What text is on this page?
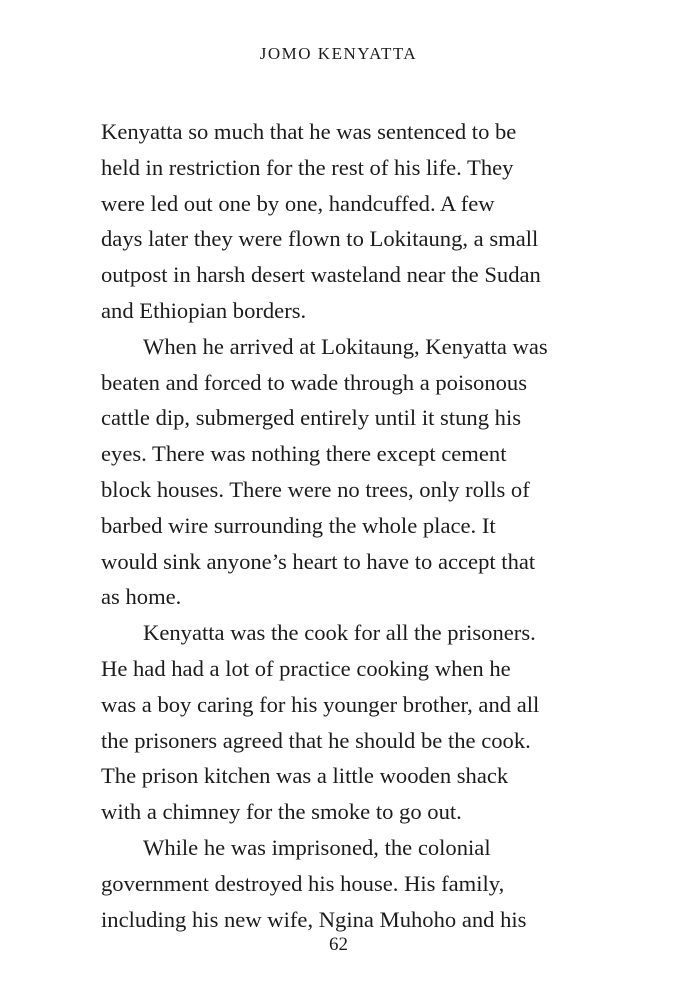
JOMO KENYATTA
Kenyatta so much that he was sentenced to be
held in restriction for the rest of his life. They
were led out one by one, handcuffed. A few
days later they were flown to Lokitaung, a small
outpost in harsh desert wasteland near the Sudan
and Ethiopian borders.
When he arrived at Lokitaung, Kenyatta was
beaten and forced to wade through a poisonous
cattle dip, submerged entirely until it stung his
eyes. There was nothing there except cement
block houses. There were no trees, only rolls of
barbed wire surrounding the whole place. It
would sink anyone’s heart to have to accept that
as home.
Kenyatta was the cook for all the prisoners.
He had had a lot of practice cooking when he
was a boy caring for his younger brother, and all
the prisoners agreed that he should be the cook.
The prison kitchen was a little wooden shack
with a chimney for the smoke to go out.
While he was imprisoned, the colonial
government destroyed his house. His family,
including his new wife, Ngina Muhoho and his
62
